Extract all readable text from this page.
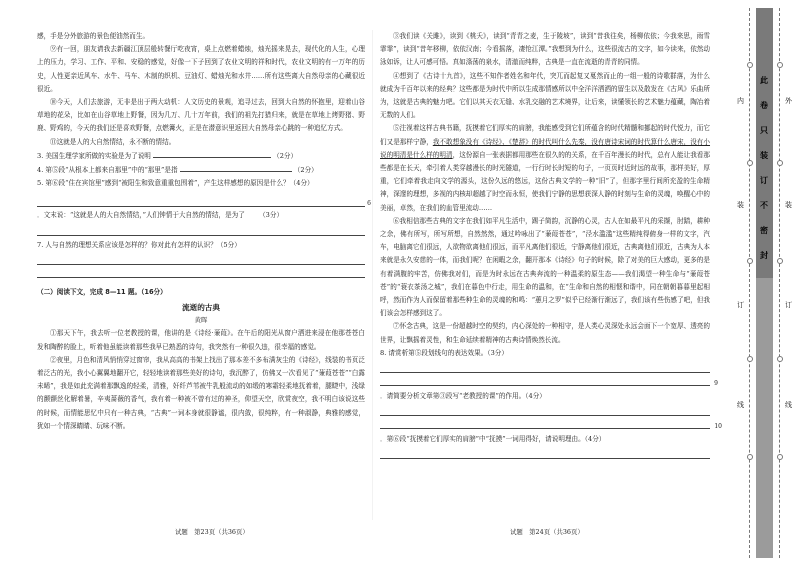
感，手是分外旅游的景色便油然而生。

⑨有一回，朋友请我去新疆江顶层般转餐厅吃夜宵，桌上点燃着蜡烛，烛光摇来晃去，现代化的人生，心理上的压力，学习、工作、平和、安稳的感觉，好像一下子回到了农业文明的祥和时代，农业文明的有一万年的历史，人性更亲近风车、水牛、马车、木制的织机、豆油灯、蜡烛光和水井……所有这些离大自然母亲的心藏很近很近。

⑩今天，人们去旅游，无非是出于两大动机：人文历史的景观，追寻过去，回到大自然的怀抱里，迎着山谷草地的花朵，比如在山谷草地上野餐，因为几万、几十万年前，我们的祖先打猎归来，就是在草地上烤野猪、野鹿、野鸡的，今天的我们还是喜欢野餐，点燃篝火，正是在潜意识里返回大自然母亲心跳的一种追忆方式。

⑪这就是人的大自然情结，永不断的情结。

3. 美国生理学家所做的实验是为了说明	（2分）
4. 第⑤段“从根本上都来自那里”中的“那里”是指	（2分）
5. 第⑥段“住在宾馆里”感到“被阳生和致意重重包围着”，产生这样感想的原因是什么？（4分）
6
．文末说：“这就是人的大自然情结，”人们钟情于大自然的情结，是为了 （3分）
7. 人与自然的理想关系应该是怎样的？你对此有怎样的认识？（5分）
（二）阅读下文，完成 8—11 题。（16分）
流逝的古典
黄晖

①那天下午，我去听一位老教授的课，他讲的是《诗经·蒹葭》。在午后的阳光从窗户洒进来浸在他那苍苍白发和陶醉的脸上，听着他虽能读着那些我早已熟悉的诗句，我突然有一种很久违，很幸福的感觉。

②夜里，月色和清风悄悄穿过窗帘，我从高高的书架上找出了那本差不多布满灰尘的《诗经》，线装的书页泛着泛古的光，我小心翼翼地翻开它，轻轻地读着那些美好的诗句，我沉醉了，仿佛又一次看见了“蒹葭苍苍”“白露未晞”，我是如此充满着那飘逸的轻柔，清雅，奸纤芦苇被牛乳般流动的如缎的寒霜轻柔地抚着着，腿睫中，浅绿的颤颤丝化解着暑，辛夷蔷薇的香气，我有着一种被不曾有过的神圣，仰望天空，欣赏夜空，我不明白该说这些的时候，而情能思忆中只有一种古典，“古典”一词本身就很静谧，很内敛，很纯粹，有一种淑静，典雅的感觉，犹如一个情深睛睛、玩味不断。

③我们读《关雎》，读到《桃夭》，读到“青青之麦，生于陵坡”，读到“昔我往矣，杨柳依依；今我来思，雨雪霏霏”，读到“昔年移柳，依依汉南；今看摇落，凄怆江潭。”我想到为什么，这些很流古的文字，如今读来，依然动泳如诉，让人可感可悟。真如涤荡的泉水，清澈而纯粹，古典是一直在流逝的青青的同情。

④想到了《古诗十九首》，这些不知作者姓名和年代，突兀而起复又戛然而止的一组一般的诗歌群落，为什么就成为千百年以来的经典？这些都是为时代中所以生成那情感所以中全洋洋洒洒的留生以及散发在《古风》乐曲所为，这就是古典的魅力吧。它们以其天衣无缝、水乳交融的艺术境界，让后来，读懂领长的艺术魅力蕴藏，陶冶着无数的人们。

⑤注视着这样古典书籍，抚摸着它们厚实的肩膀，我能感受到它们所蕴含的时代精髓和挪起的时代悦力，而它们又是那样宁静，我不敢想象没有《诗经》、《楚辞》的时代叫什么先秦，没有唐诗宋词的时代算什么唐宋，没有小说的明清是什么样的明清，这份源自一张表据都用那些在很久的的关系，在千百年漫长的时代，总有人能让我看那些都是在长天，牵引着人类穿越漫长的时光隧道，一行行时长时短的句子，一页页时近时远的故事，那样美好，厚重，它们牵着我走向文学的源头，这份久远的悠远，这份古典文学的一种“旧”了，但那字里行间所充盈的生命精神，深邃的理想，多视的内核却超越了时空而永恒，使我们宁静的思想获深人静的时刻与生命的灵魂，唤醒心中的美丽，卓然，在我们的血管里流动……

⑥我相信那些古典的文字在我们如平凡生活中，踢子简韵，沉静的心灵，古人在如最平凡的采撷，肘踏，耕种之余，佛有所写，所写所想，自然然然，通过吟咏出了“蒹葭苍苍”，“泾水滥滥”这些精纯得俯身一样的文字，汽车，电脑离它们很远，人欲物欲离他们很远，而平凡离他们很近，宁静离他们很近，古典离他们很近，古典为人本来就是永久安慈的一体，而我们呢？在闲暇之余，翻开那本《诗经》句子的时候，除了对美的巨大感动，更多的是有着满腹的牢苦，仿佛我对们，而是为时永远在古典奔流的一种温柔的原生态——我们渴望一种生命与“蒹葭苍苍”的“蓑衣茶汤之城”，我们在暮色中行走，用生命的温和，在“生命和自然的相惬和谐中，同在朝朝暮暮里起相呼，然而作为人而保留着那些种生命的灵魂的和鸣：“蕙月之罗”似乎已经渐行渐远了，我们该有些伤感了吧，但我们该会怎样感到这了。

⑦怀念古典，这是一份超越时空的契约，内心深处的一种相守，是人类心灵深处永远会面下一个宽厚、透亮的世界，让飘摇着灵性，和生命延续着精神的古典诗情焕然长流。

8. 请赏析第⑤段划线句的表达效果。（3分）
9
．请简要分析文章第③段写“老教授的课”的作用。（4分）
10
．第⑥段“抚摸着它们厚实的肩膀”中“抚摸”一词用得好，请说明理由。（4分）
试题　第23页（共36页）	试题　第24页（共36页）
内
装
订
线
外
装
订
线
此
卷
只
装
订
不
密
封
